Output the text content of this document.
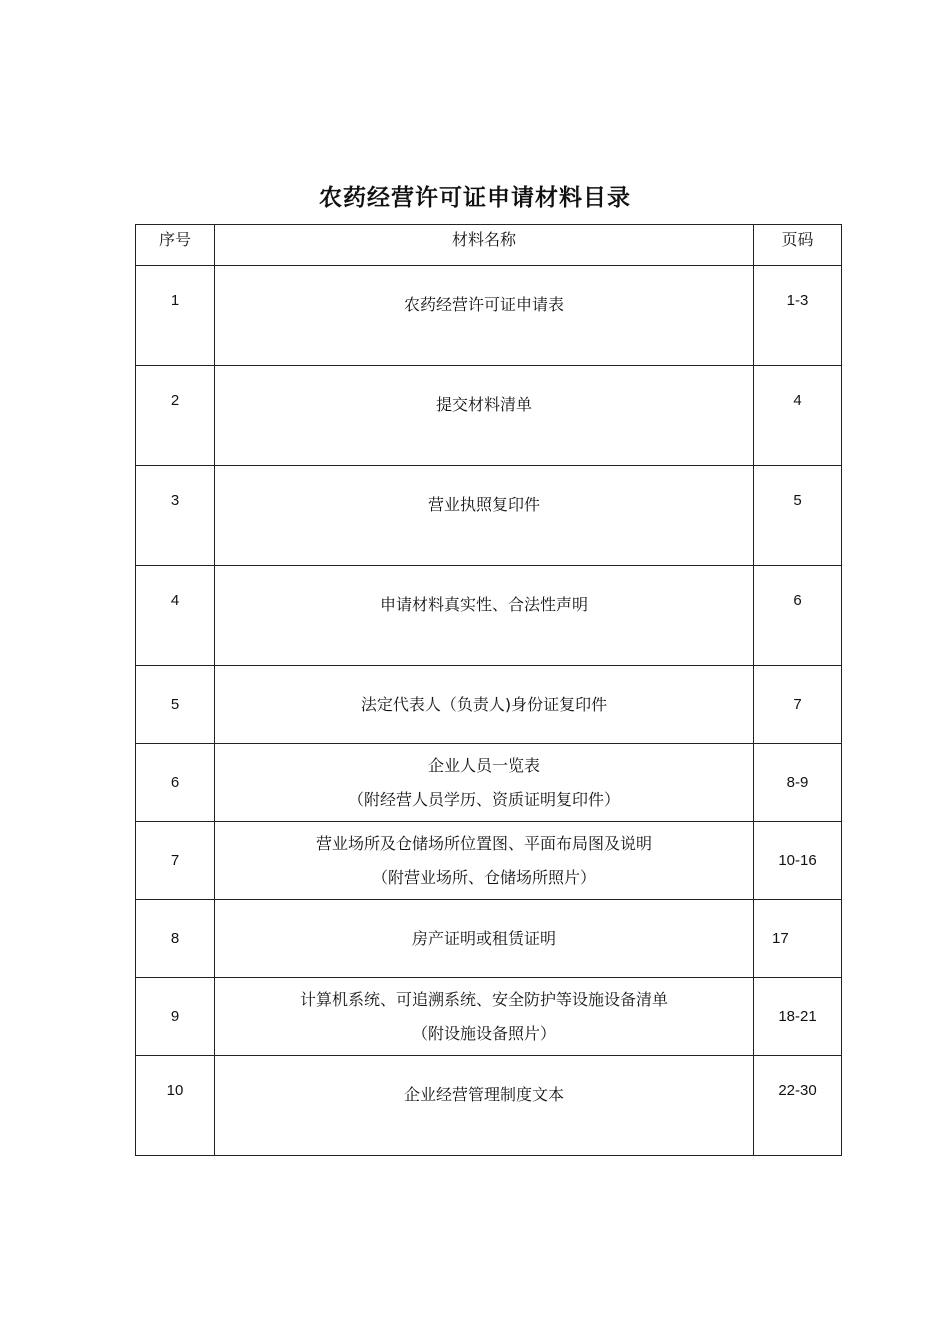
农药经营许可证申请材料目录
序号	材料名称	页码
1	农药经营许可证申请表	1-3
2	提交材料清单	4
3	营业执照复印件	5
4	申请材料真实性、合法性声明	6
5	法定代表人（负责人)身份证复印件	7
6	企业人员一览表
（附经营人员学历、资质证明复印件）	8-9
7	营业场所及仓储场所位置图、平面布局图及说明
（附营业场所、仓储场所照片）	10-16
8	房产证明或租赁证明	17
9	计算机系统、可追溯系统、安全防护等设施设备清单
（附设施设备照片）	18-21
10	企业经营管理制度文本	22-30
